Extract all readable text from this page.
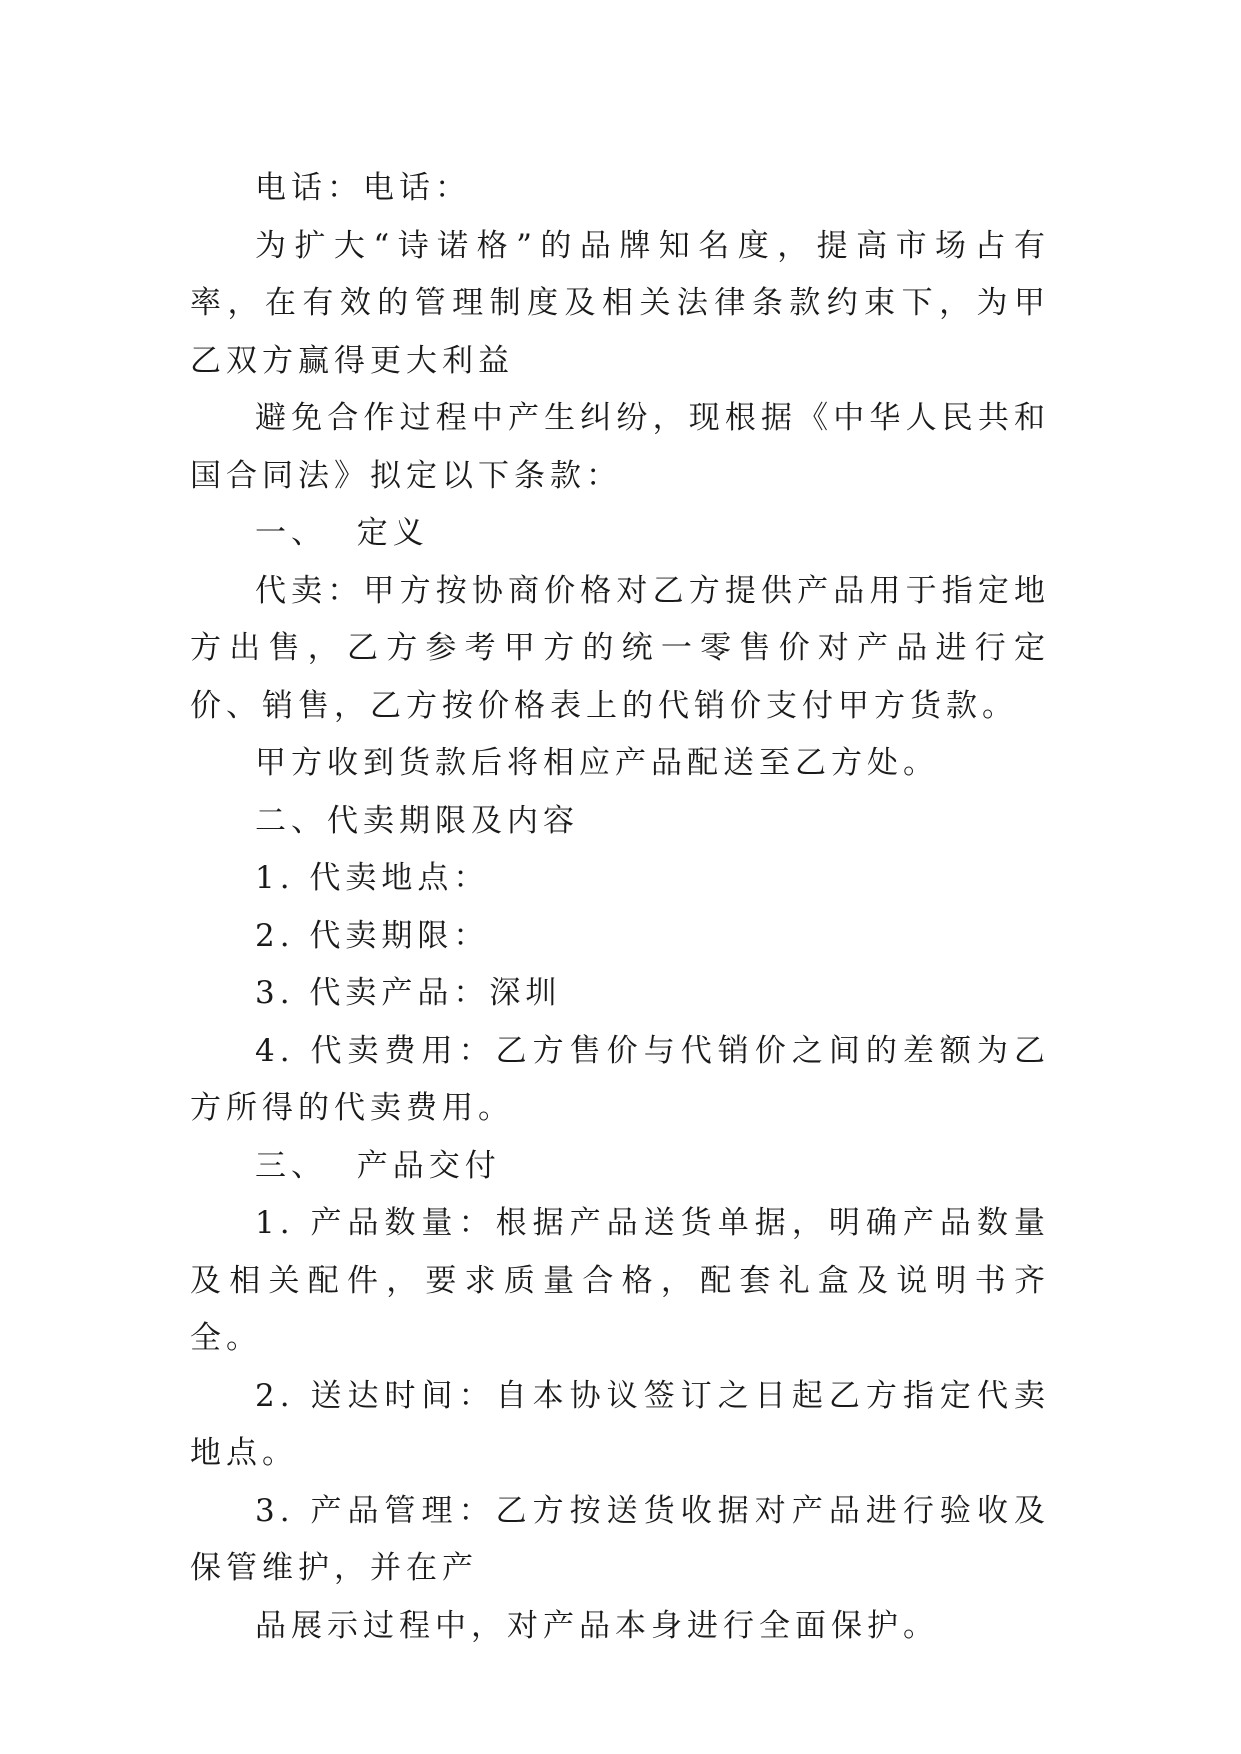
电话：电话：

为扩大“诗诺格”的品牌知名度，提高市场占有率，在有效的管理制度及相关法律条款约束下，为甲乙双方赢得更大利益

避免合作过程中产生纠纷，现根据《中华人民共和国合同法》拟定以下条款：

一、  定义

代卖：甲方按协商价格对乙方提供产品用于指定地方出售，乙方参考甲方的统一零售价对产品进行定价、销售，乙方按价格表上的代销价支付甲方货款。

甲方收到货款后将相应产品配送至乙方处。

二、代卖期限及内容

1. 代卖地点：

2. 代卖期限：

3. 代卖产品：深圳

4. 代卖费用：乙方售价与代销价之间的差额为乙方所得的代卖费用。

三、  产品交付

1. 产品数量：根据产品送货单据，明确产品数量及相关配件，要求质量合格，配套礼盒及说明书齐全。

2. 送达时间：自本协议签订之日起乙方指定代卖地点。

3. 产品管理：乙方按送货收据对产品进行验收及保管维护，并在产

品展示过程中，对产品本身进行全面保护。
